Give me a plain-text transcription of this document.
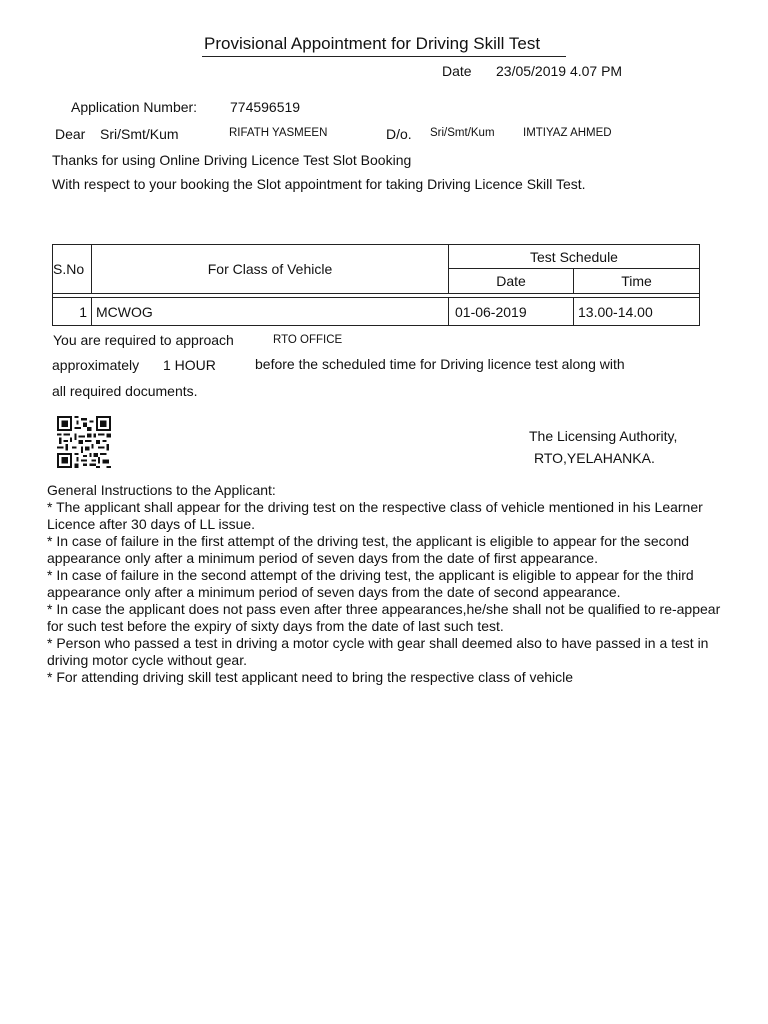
Provisional Appointment for Driving Skill Test
Date 23/05/2019 4.07 PM
Application Number: 774596519
Dear Sri/Smt/Kum	RIFATH YASMEEN	D/o. Sri/Smt/Kum IMTIYAZ AHMED
Thanks for using Online Driving Licence Test Slot Booking
With respect to your booking the Slot appointment for taking Driving Licence Skill Test.
S.No	For Class of Vehicle	Test Schedule	
		Date	Time

1	MCWOG	01-06-2019	13.00-14.00
You are required to approach	RTO OFFICE
approximately 1 HOUR	before the scheduled time for Driving licence test along with
all required documents.
The Licensing Authority,
RTO,YELAHANKA.

General Instructions to the Applicant:

* The applicant shall appear for the driving test on the respective class of vehicle mentioned in his Learner Licence after 30 days of LL issue.

* In case of failure in the first attempt of the driving test, the applicant is eligible to appear for the second appearance only after a minimum period of seven days from the date of first appearance.

* In case of failure in the second attempt of the driving test, the applicant is eligible to appear for the third appearance only after a minimum period of seven days from the date of second appearance.

* In case the applicant does not pass even after three appearances,he/she shall not be qualified to re-appear for such test before the expiry of sixty days from the date of last such test.

* Person who passed a test in driving a motor cycle with gear shall deemed also to have passed in a test in driving motor cycle without gear.

* For attending driving skill test applicant need to bring the respective class of vehicle
